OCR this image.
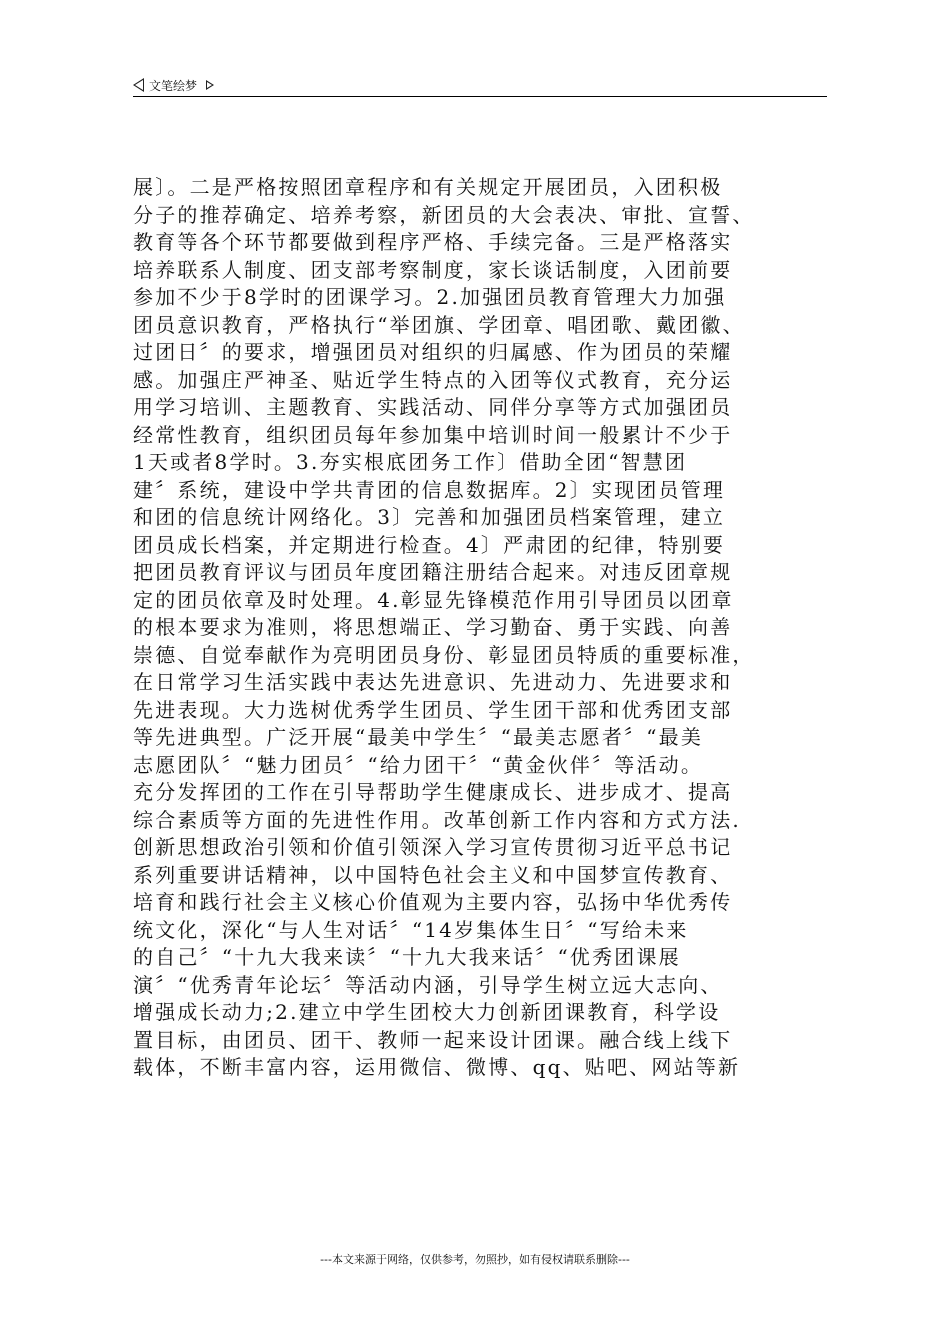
文笔绘梦

展〕。二是严格按照团章程序和有关规定开展团员，入团积极
分子的推荐确定、培养考察，新团员的大会表决、审批、宣誓、
教育等各个环节都要做到程序严格、手续完备。三是严格落实
培养联系人制度、团支部考察制度，家长谈话制度，入团前要
参加不少于8学时的团课学习。2.加强团员教育管理大力加强
团员意识教育，严格执行“举团旗、学团章、唱团歌、戴团徽、
过团日〞的要求，增强团员对组织的归属感、作为团员的荣耀
感。加强庄严神圣、贴近学生特点的入团等仪式教育，充分运
用学习培训、主题教育、实践活动、同伴分享等方式加强团员
经常性教育，组织团员每年参加集中培训时间一般累计不少于
1天或者8学时。3.夯实根底团务工作〕借助全团“智慧团
建〞系统，建设中学共青团的信息数据库。2〕实现团员管理
和团的信息统计网络化。3〕完善和加强团员档案管理，建立
团员成长档案，并定期进行检查。4〕严肃团的纪律，特别要
把团员教育评议与团员年度团籍注册结合起来。对违反团章规
定的团员依章及时处理。4.彰显先锋模范作用引导团员以团章
的根本要求为准则，将思想端正、学习勤奋、勇于实践、向善
崇德、自觉奉献作为亮明团员身份、彰显团员特质的重要标准，
在日常学习生活实践中表达先进意识、先进动力、先进要求和
先进表现。大力选树优秀学生团员、学生团干部和优秀团支部
等先进典型。广泛开展“最美中学生〞“最美志愿者〞“最美
志愿团队〞“魅力团员〞“给力团干〞“黄金伙伴〞等活动。
充分发挥团的工作在引导帮助学生健康成长、进步成才、提高
综合素质等方面的先进性作用。改革创新工作内容和方式方法.
创新思想政治引领和价值引领深入学习宣传贯彻习近平总书记
系列重要讲话精神，以中国特色社会主义和中国梦宣传教育、
培育和践行社会主义核心价值观为主要内容，弘扬中华优秀传
统文化，深化“与人生对话〞“14岁集体生日〞“写给未来
的自己〞“十九大我来读〞“十九大我来话〞“优秀团课展
演〞“优秀青年论坛〞等活动内涵，引导学生树立远大志向、
增强成长动力;2.建立中学生团校大力创新团课教育，科学设
置目标，由团员、团干、教师一起来设计团课。融合线上线下
载体，不断丰富内容，运用微信、微博、qq、贴吧、网站等新

---本文来源于网络，仅供参考，勿照抄，如有侵权请联系删除---
